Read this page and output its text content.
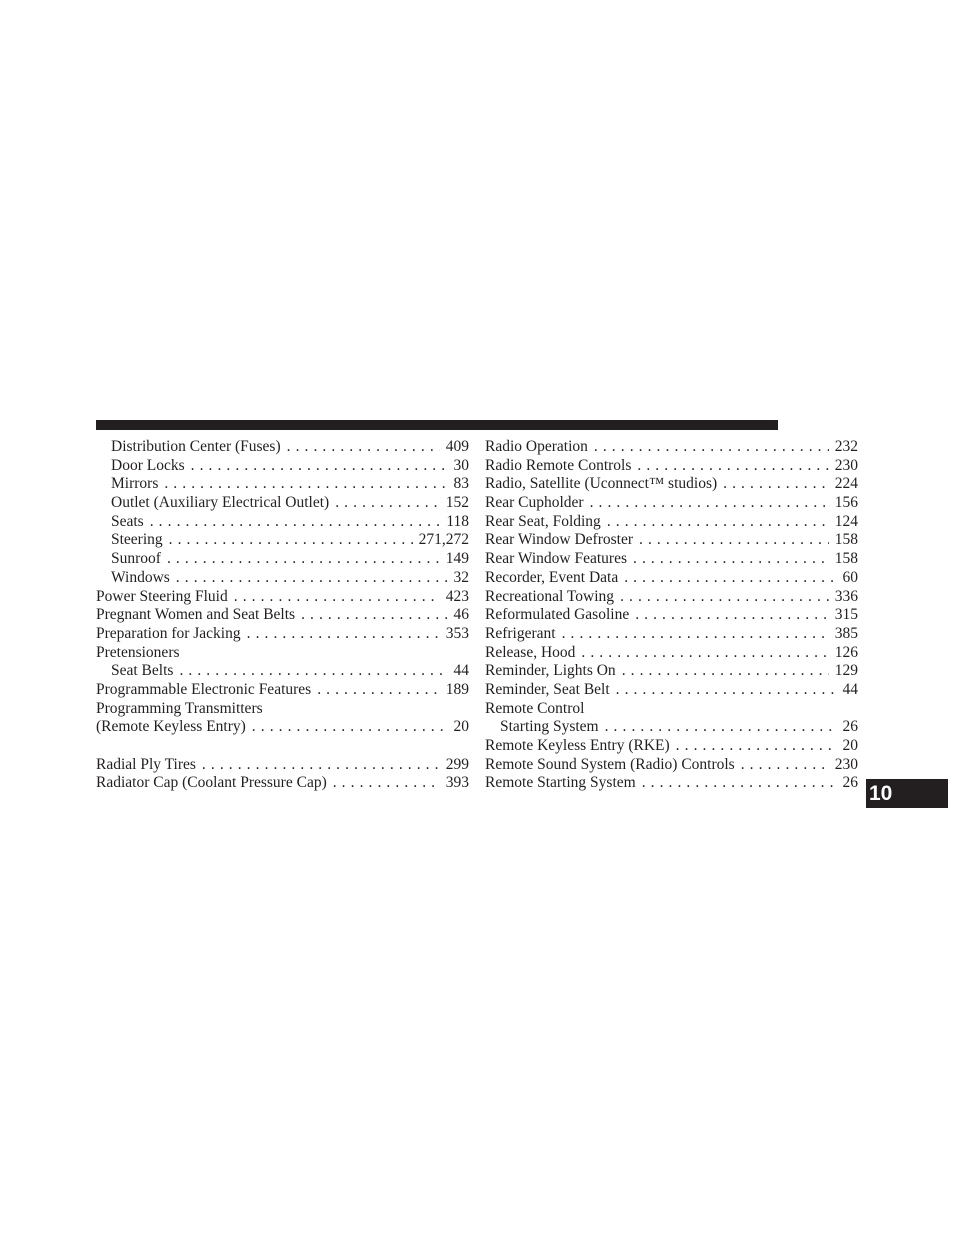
Distribution Center (Fuses) . . .	409
Door Locks . . .	30
Mirrors . . .	83
Outlet (Auxiliary Electrical Outlet) . . .	152
Seats . . .	118
Steering . . .	271,272
Sunroof . . .	149
Windows . . .	32
Power Steering Fluid . . .	423
Pregnant Women and Seat Belts . . .	46
Preparation for Jacking . . .	353
Pretensioners
Seat Belts . . .	44
Programmable Electronic Features . . .	189
Programming Transmitters
(Remote Keyless Entry) . . .	20
Radial Ply Tires . . .	299
Radiator Cap (Coolant Pressure Cap) . . .	393
Radio Operation . . .	232
Radio Remote Controls . . .	230
Radio, Satellite (Uconnect™ studios) . . .	224
Rear Cupholder . . .	156
Rear Seat, Folding . . .	124
Rear Window Defroster . . .	158
Rear Window Features . . .	158
Recorder, Event Data . . .	60
Recreational Towing . . .	336
Reformulated Gasoline . . .	315
Refrigerant . . .	385
Release, Hood . . .	126
Reminder, Lights On . . .	129
Reminder, Seat Belt . . .	44
Remote Control
Starting System . . .	26
Remote Keyless Entry (RKE) . . .	20
Remote Sound System (Radio) Controls . . .	230
Remote Starting System . . .	26 10
